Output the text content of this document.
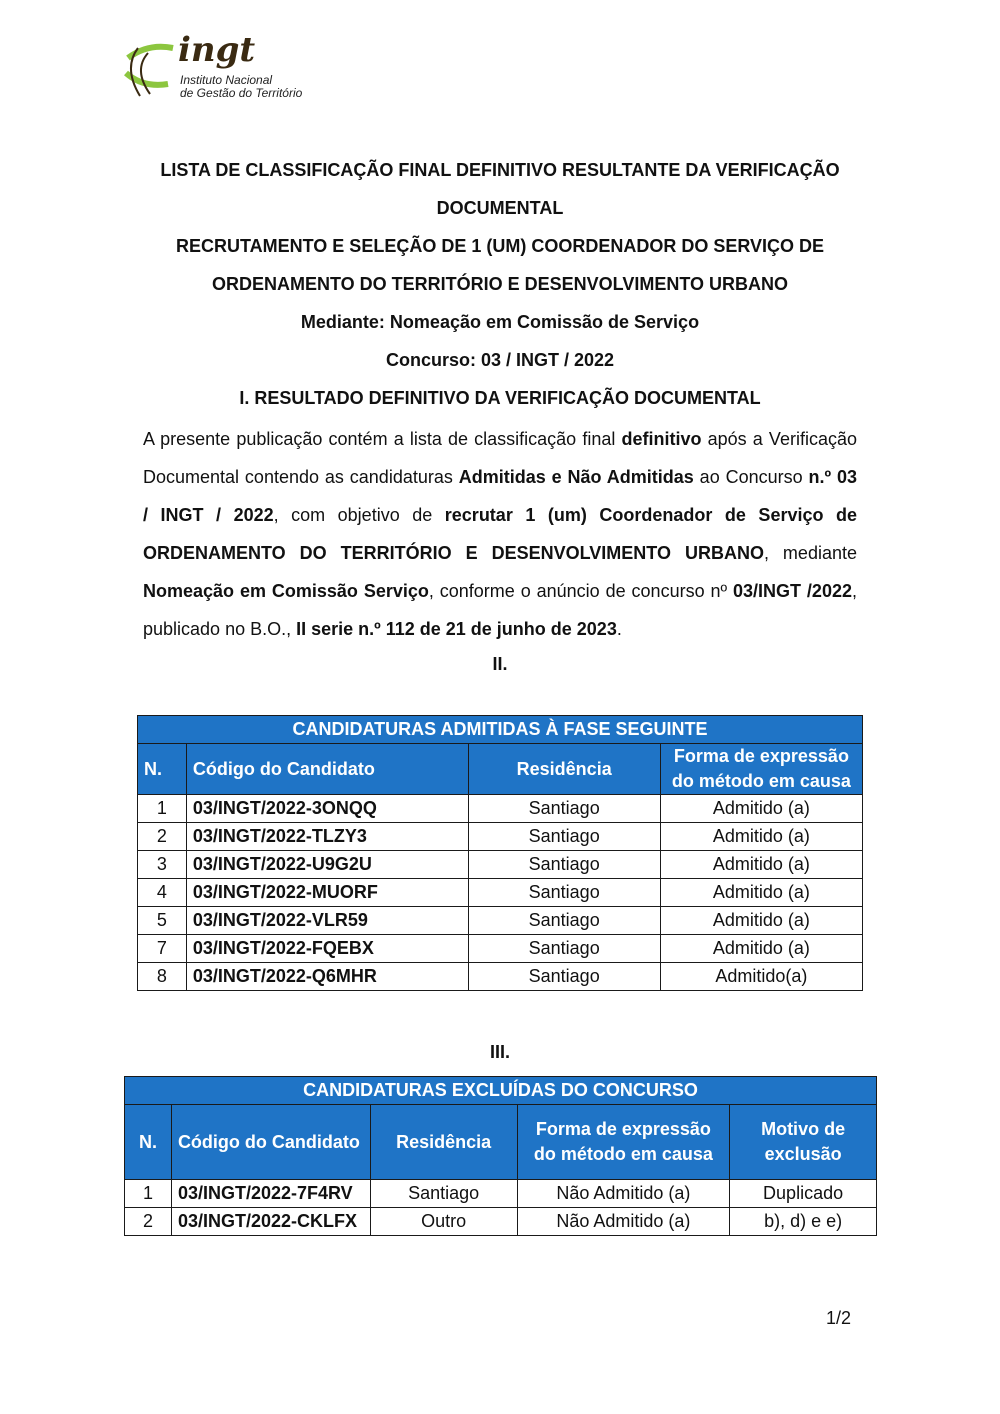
ingt
Instituto Nacional
de Gestão do Território
LISTA DE CLASSIFICAÇÃO FINAL DEFINITIVO RESULTANTE DA VERIFICAÇÃO
DOCUMENTAL
RECRUTAMENTO E SELEÇÃO DE 1 (UM) COORDENADOR DO SERVIÇO DE
ORDENAMENTO DO TERRITÓRIO E DESENVOLVIMENTO URBANO
Mediante: Nomeação em Comissão de Serviço
Concurso: 03 / INGT / 2022
I. RESULTADO DEFINITIVO DA VERIFICAÇÃO DOCUMENTAL
A presente publicação contém a lista de classificação final definitivo após a Verificação Documental contendo as candidaturas Admitidas e Não Admitidas ao Concurso n.º 03 / INGT / 2022, com objetivo de recrutar 1 (um) Coordenador de Serviço de ORDENAMENTO DO TERRITÓRIO E DESENVOLVIMENTO URBANO, mediante Nomeação em Comissão Serviço, conforme o anúncio de concurso nº 03/INGT /2022, publicado no B.O., II serie n.º 112 de 21 de junho de 2023.
II.
CANDIDATURAS ADMITIDAS À FASE SEGUINTE			
N.	Código do Candidato	Residência	Forma de expressão do método em causa
1	03/INGT/2022-3ONQQ	Santiago	Admitido (a)
2	03/INGT/2022-TLZY3	Santiago	Admitido (a)
3	03/INGT/2022-U9G2U	Santiago	Admitido (a)
4	03/INGT/2022-MUORF	Santiago	Admitido (a)
5	03/INGT/2022-VLR59	Santiago	Admitido (a)
7	03/INGT/2022-FQEBX	Santiago	Admitido (a)
8	03/INGT/2022-Q6MHR	Santiago	Admitido(a)
III.
CANDIDATURAS EXCLUÍDAS DO CONCURSO				
N.	Código do Candidato	Residência	Forma de expressão do método em causa	Motivo de exclusão
1	03/INGT/2022-7F4RV	Santiago	Não Admitido (a)	Duplicado
2	03/INGT/2022-CKLFX	Outro	Não Admitido (a)	b), d) e e)
1/2
